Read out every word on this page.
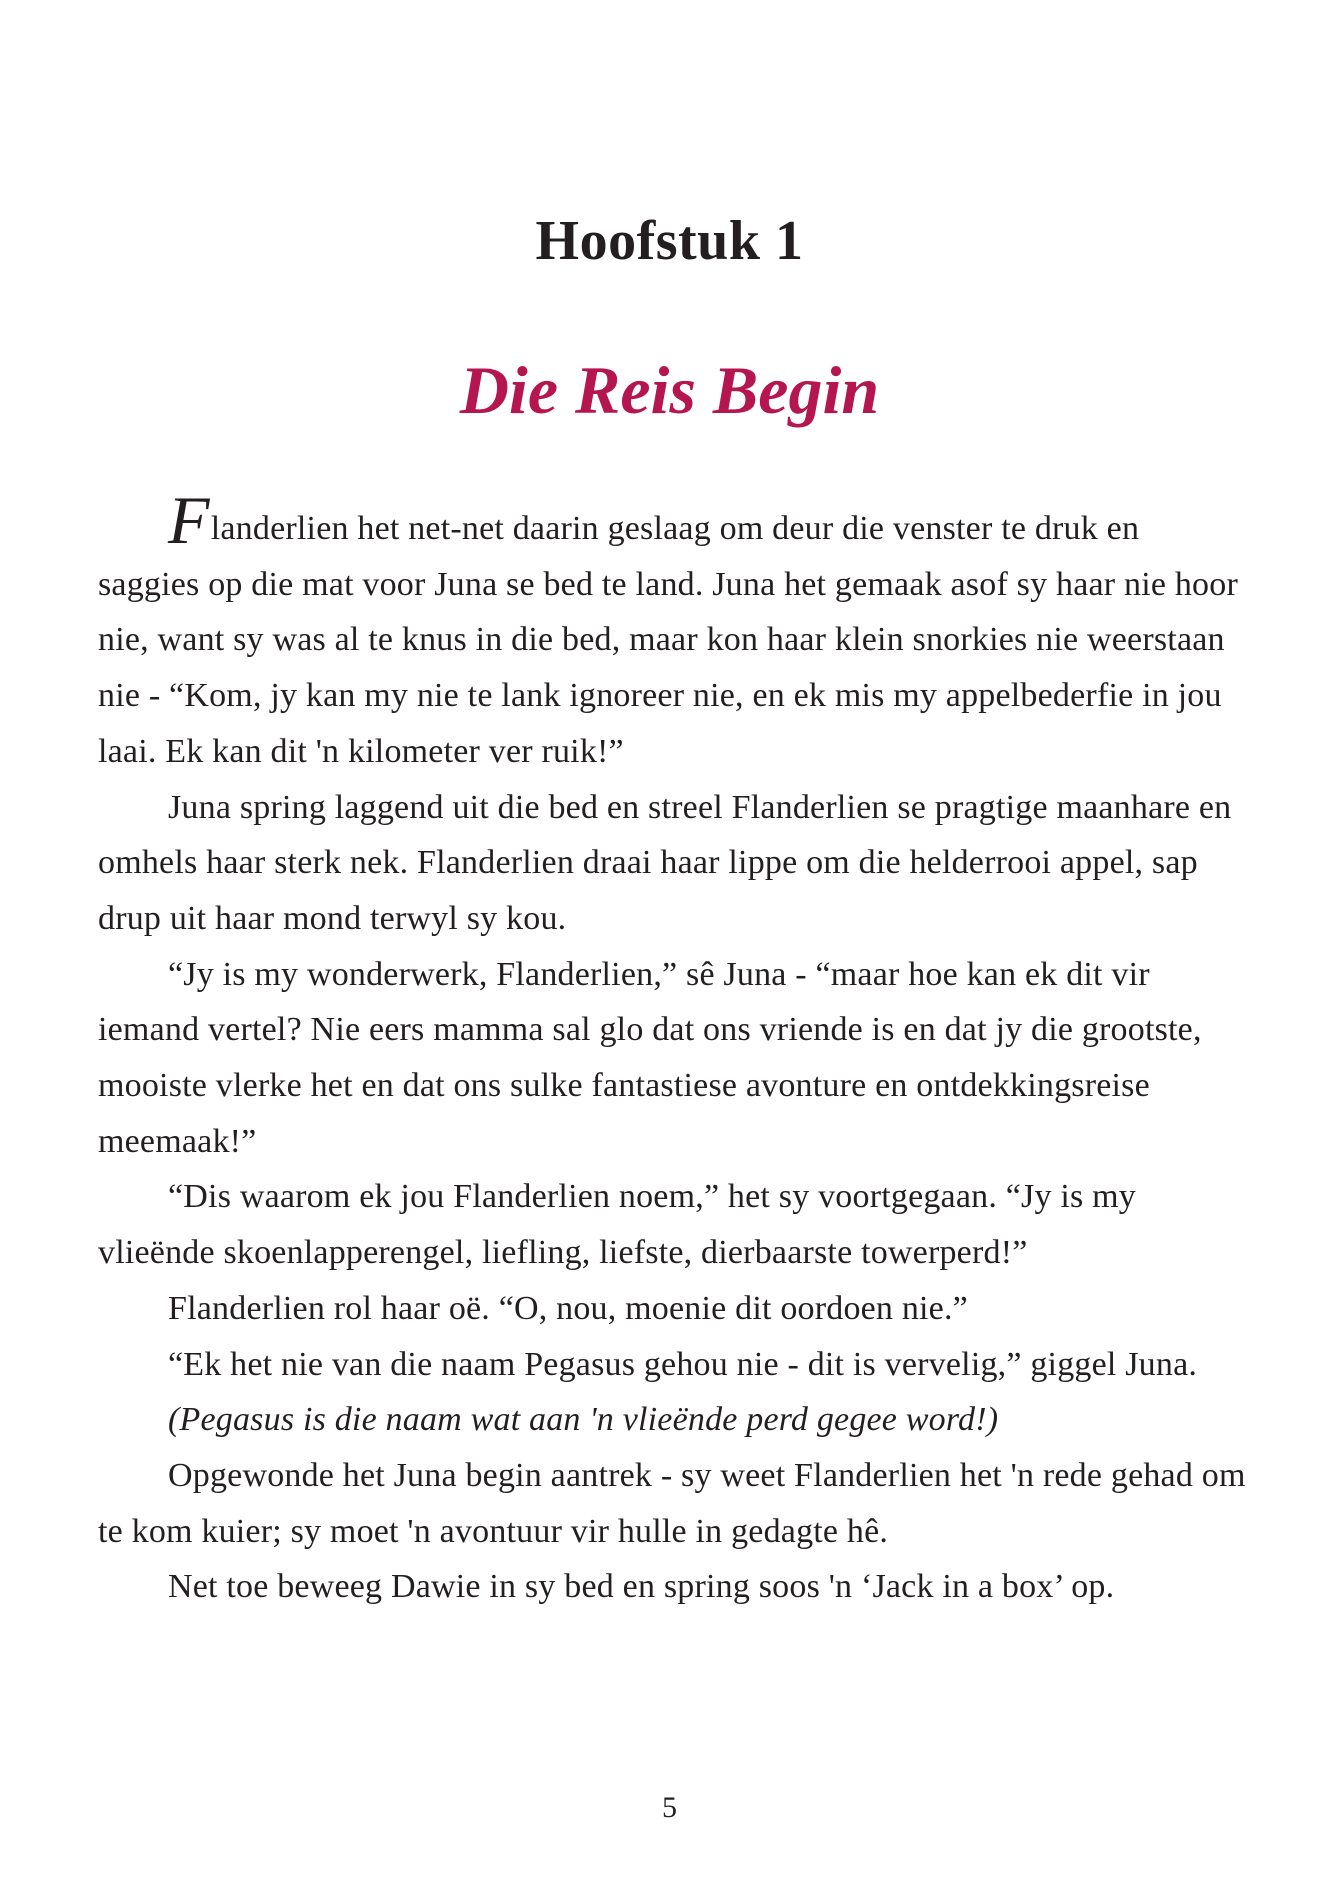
Hoofstuk 1
Die Reis Begin

Flanderlien het net-net daarin geslaag om deur die venster te druk en saggies op die mat voor Juna se bed te land. Juna het gemaak asof sy haar nie hoor nie, want sy was al te knus in die bed, maar kon haar klein snorkies nie weerstaan nie - “Kom, jy kan my nie te lank ignoreer nie, en ek mis my appelbederfie in jou laai. Ek kan dit 'n kilometer ver ruik!”

Juna spring laggend uit die bed en streel Flanderlien se pragtige maanhare en omhels haar sterk nek. Flanderlien draai haar lippe om die helderrooi appel, sap drup uit haar mond terwyl sy kou.

“Jy is my wonderwerk, Flanderlien,” sê Juna - “maar hoe kan ek dit vir iemand vertel? Nie eers mamma sal glo dat ons vriende is en dat jy die grootste, mooiste vlerke het en dat ons sulke fantastiese avonture en ontdekkingsreise meemaak!”

“Dis waarom ek jou Flanderlien noem,” het sy voortgegaan. “Jy is my vlieënde skoenlapperengel, liefling, liefste, dierbaarste towerperd!”

Flanderlien rol haar oë. “O, nou, moenie dit oordoen nie.”

“Ek het nie van die naam Pegasus gehou nie - dit is vervelig,” giggel Juna.

(Pegasus is die naam wat aan 'n vlieënde perd gegee word!)

Opgewonde het Juna begin aantrek - sy weet Flanderlien het 'n rede gehad om te kom kuier; sy moet 'n avontuur vir hulle in gedagte hê.

Net toe beweeg Dawie in sy bed en spring soos 'n ‘Jack in a box’ op.

5
